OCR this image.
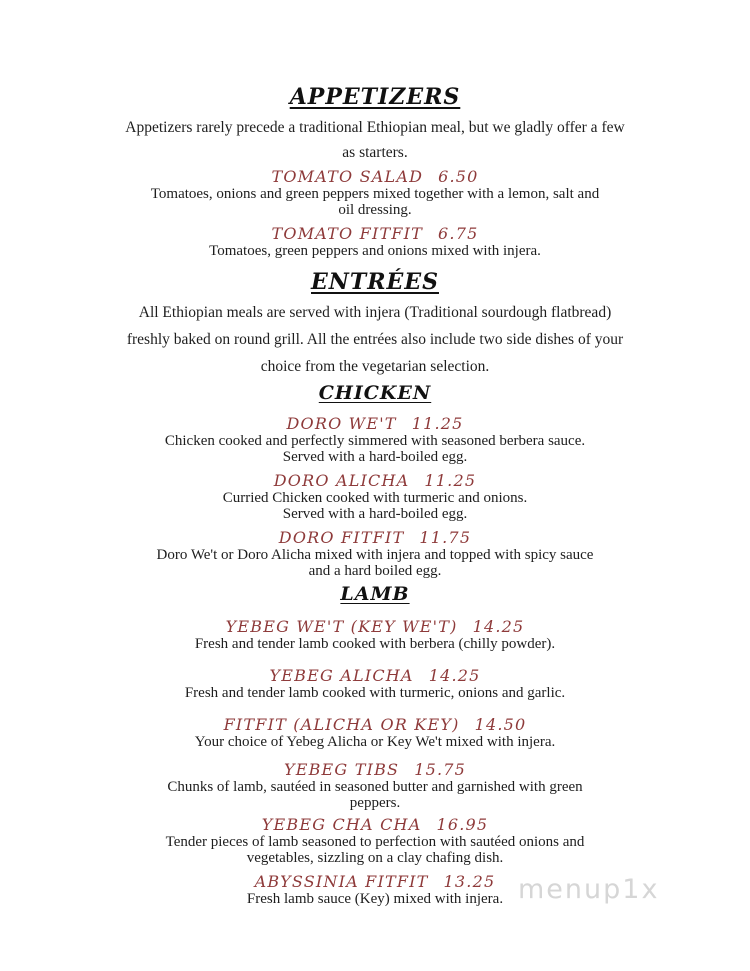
APPETIZERS
Appetizers rarely precede a traditional Ethiopian meal, but we gladly offer a few
as starters.
TOMATO SALAD 6.50
Tomatoes, onions and green peppers mixed together with a lemon, salt and
oil dressing.
TOMATO FITFIT 6.75
Tomatoes, green peppers and onions mixed with injera.
ENTRÉES
All Ethiopian meals are served with injera (Traditional sourdough flatbread)
freshly baked on round grill. All the entrées also include two side dishes of your
choice from the vegetarian selection.
CHICKEN
DORO WE'T 11.25
Chicken cooked and perfectly simmered with seasoned berbera sauce.
Served with a hard-boiled egg.
DORO ALICHA 11.25
Curried Chicken cooked with turmeric and onions.
Served with a hard-boiled egg.
DORO FITFIT 11.75
Doro We't or Doro Alicha mixed with injera and topped with spicy sauce
and a hard boiled egg.
LAMB
YEBEG WE'T (KEY WE'T) 14.25
Fresh and tender lamb cooked with berbera (chilly powder).
YEBEG ALICHA 14.25
Fresh and tender lamb cooked with turmeric, onions and garlic.
FITFIT (ALICHA OR KEY) 14.50
Your choice of Yebeg Alicha or Key We't mixed with injera.
YEBEG TIBS 15.75
Chunks of lamb, sautéed in seasoned butter and garnished with green
peppers.
YEBEG CHA CHA 16.95
Tender pieces of lamb seasoned to perfection with sautéed onions and
vegetables, sizzling on a clay chafing dish.
ABYSSINIA FITFIT 13.25
Fresh lamb sauce (Key) mixed with injera. menup1x
